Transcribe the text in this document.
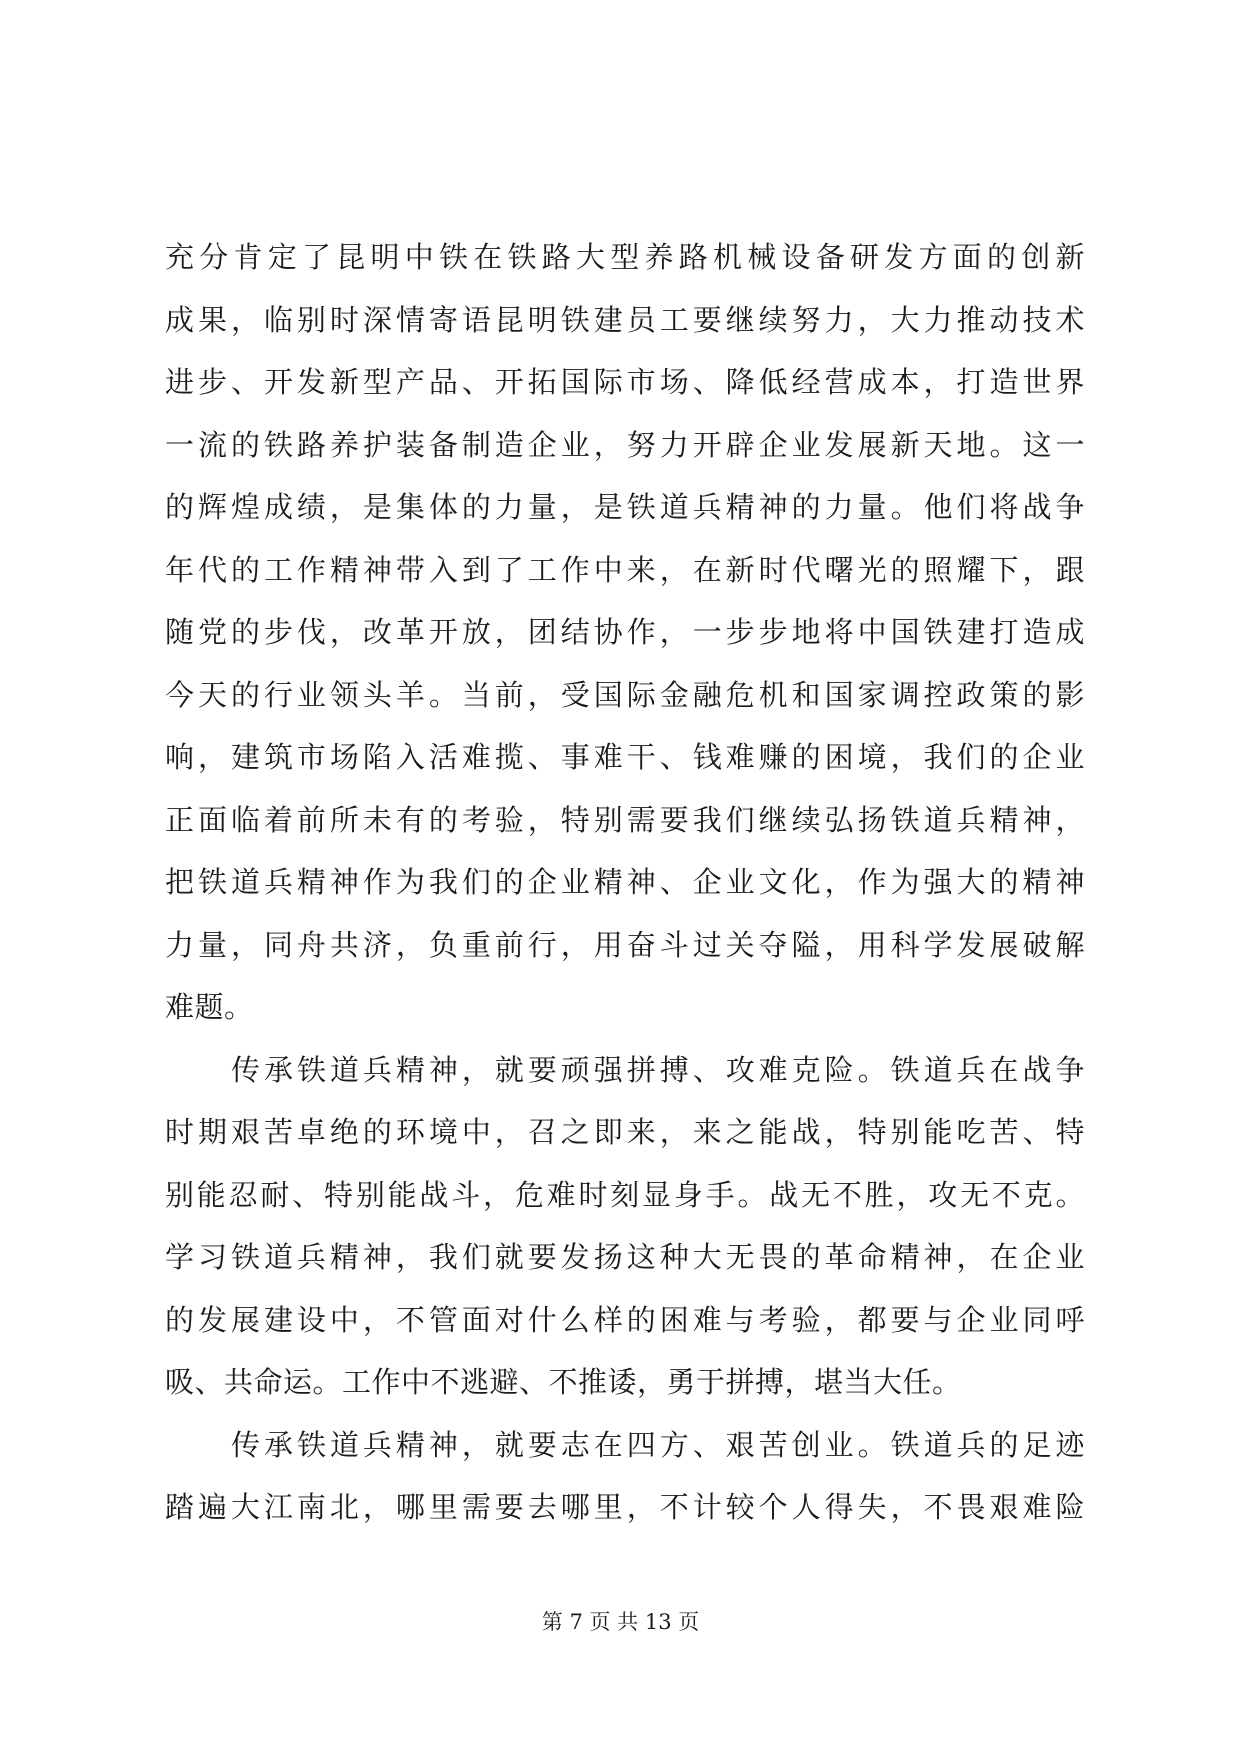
充分肯定了昆明中铁在铁路大型养路机械设备研发方面的创新
成果，临别时深情寄语昆明铁建员工要继续努力，大力推动技术
进步、开发新型产品、开拓国际市场、降低经营成本，打造世界
一流的铁路养护装备制造企业，努力开辟企业发展新天地。这一
的辉煌成绩，是集体的力量，是铁道兵精神的力量。他们将战争
年代的工作精神带入到了工作中来，在新时代曙光的照耀下，跟
随党的步伐，改革开放，团结协作，一步步地将中国铁建打造成
今天的行业领头羊。当前，受国际金融危机和国家调控政策的影
响，建筑市场陷入活难揽、事难干、钱难赚的困境，我们的企业
正面临着前所未有的考验，特别需要我们继续弘扬铁道兵精神，
把铁道兵精神作为我们的企业精神、企业文化，作为强大的精神
力量，同舟共济，负重前行，用奋斗过关夺隘，用科学发展破解
难题。
传承铁道兵精神，就要顽强拼搏、攻难克险。铁道兵在战争
时期艰苦卓绝的环境中，召之即来，来之能战，特别能吃苦、特
别能忍耐、特别能战斗，危难时刻显身手。战无不胜，攻无不克。
学习铁道兵精神，我们就要发扬这种大无畏的革命精神，在企业
的发展建设中，不管面对什么样的困难与考验，都要与企业同呼
吸、共命运。工作中不逃避、不推诿，勇于拼搏，堪当大任。
传承铁道兵精神，就要志在四方、艰苦创业。铁道兵的足迹
踏遍大江南北，哪里需要去哪里，不计较个人得失，不畏艰难险
第 7 页 共 13 页
